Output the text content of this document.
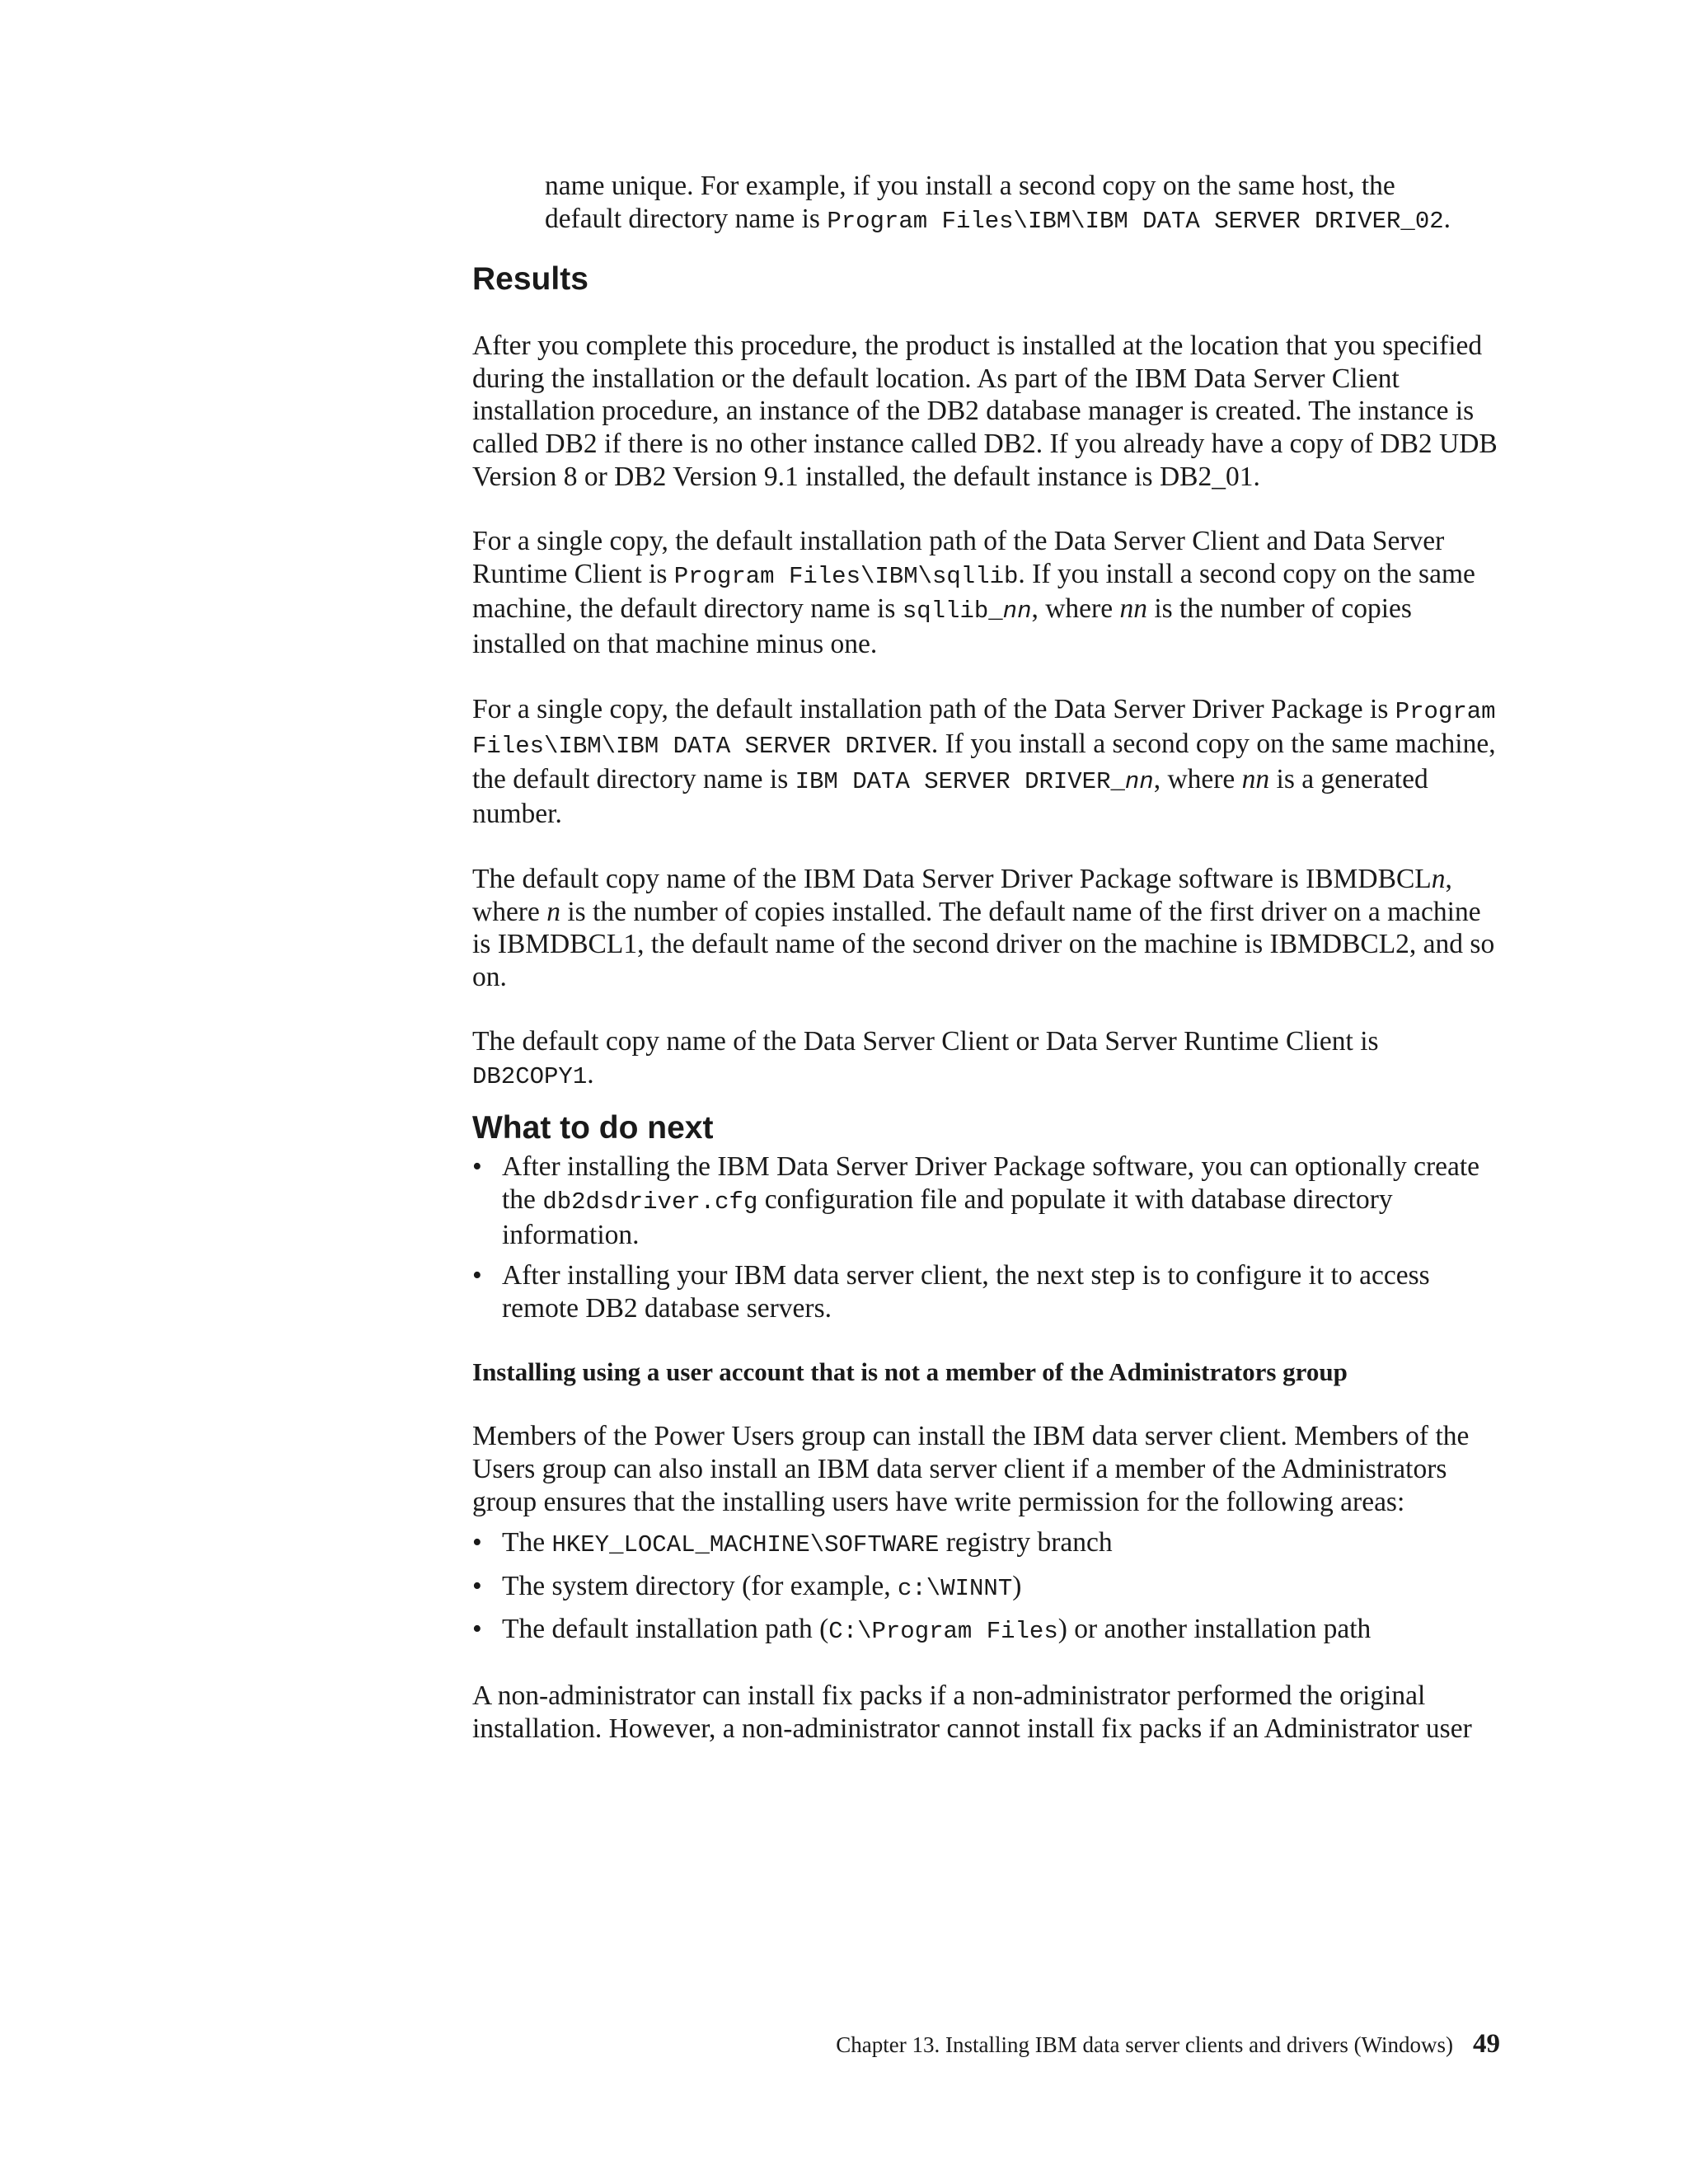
name unique. For example, if you install a second copy on the same host, the

default directory name is Program Files\IBM\IBM DATA SERVER DRIVER_02.

Results

After you complete this procedure, the product is installed at the location that you specified during the installation or the default location. As part of the IBM Data Server Client installation procedure, an instance of the DB2 database manager is created. The instance is called DB2 if there is no other instance called DB2. If you already have a copy of DB2 UDB Version 8 or DB2 Version 9.1 installed, the default instance is DB2_01.

For a single copy, the default installation path of the Data Server Client and Data Server Runtime Client is Program Files\IBM\sqllib. If you install a second copy on the same machine, the default directory name is sqllib_nn, where nn is the number of copies installed on that machine minus one.

For a single copy, the default installation path of the Data Server Driver Package is Program Files\IBM\IBM DATA SERVER DRIVER. If you install a second copy on the same machine, the default directory name is IBM DATA SERVER DRIVER_nn, where nn is a generated number.

The default copy name of the IBM Data Server Driver Package software is IBMDBCLn, where n is the number of copies installed. The default name of the first driver on a machine is IBMDBCL1, the default name of the second driver on the machine is IBMDBCL2, and so on.

The default copy name of the Data Server Client or Data Server Runtime Client is DB2COPY1.

What to do next
• After installing the IBM Data Server Driver Package software, you can optionally create the db2dsdriver.cfg configuration file and populate it with database directory information.
• After installing your IBM data server client, the next step is to configure it to access remote DB2 database servers.
Installing using a user account that is not a member of the Administrators group

Members of the Power Users group can install the IBM data server client. Members of the Users group can also install an IBM data server client if a member of the Administrators group ensures that the installing users have write permission for the following areas:

• The HKEY_LOCAL_MACHINE\SOFTWARE registry branch
• The system directory (for example, c:\WINNT)
• The default installation path (C:\Program Files) or another installation path

A non-administrator can install fix packs if a non-administrator performed the original installation. However, a non-administrator cannot install fix packs if an Administrator user

Chapter 13. Installing IBM data server clients and drivers (Windows) 49
